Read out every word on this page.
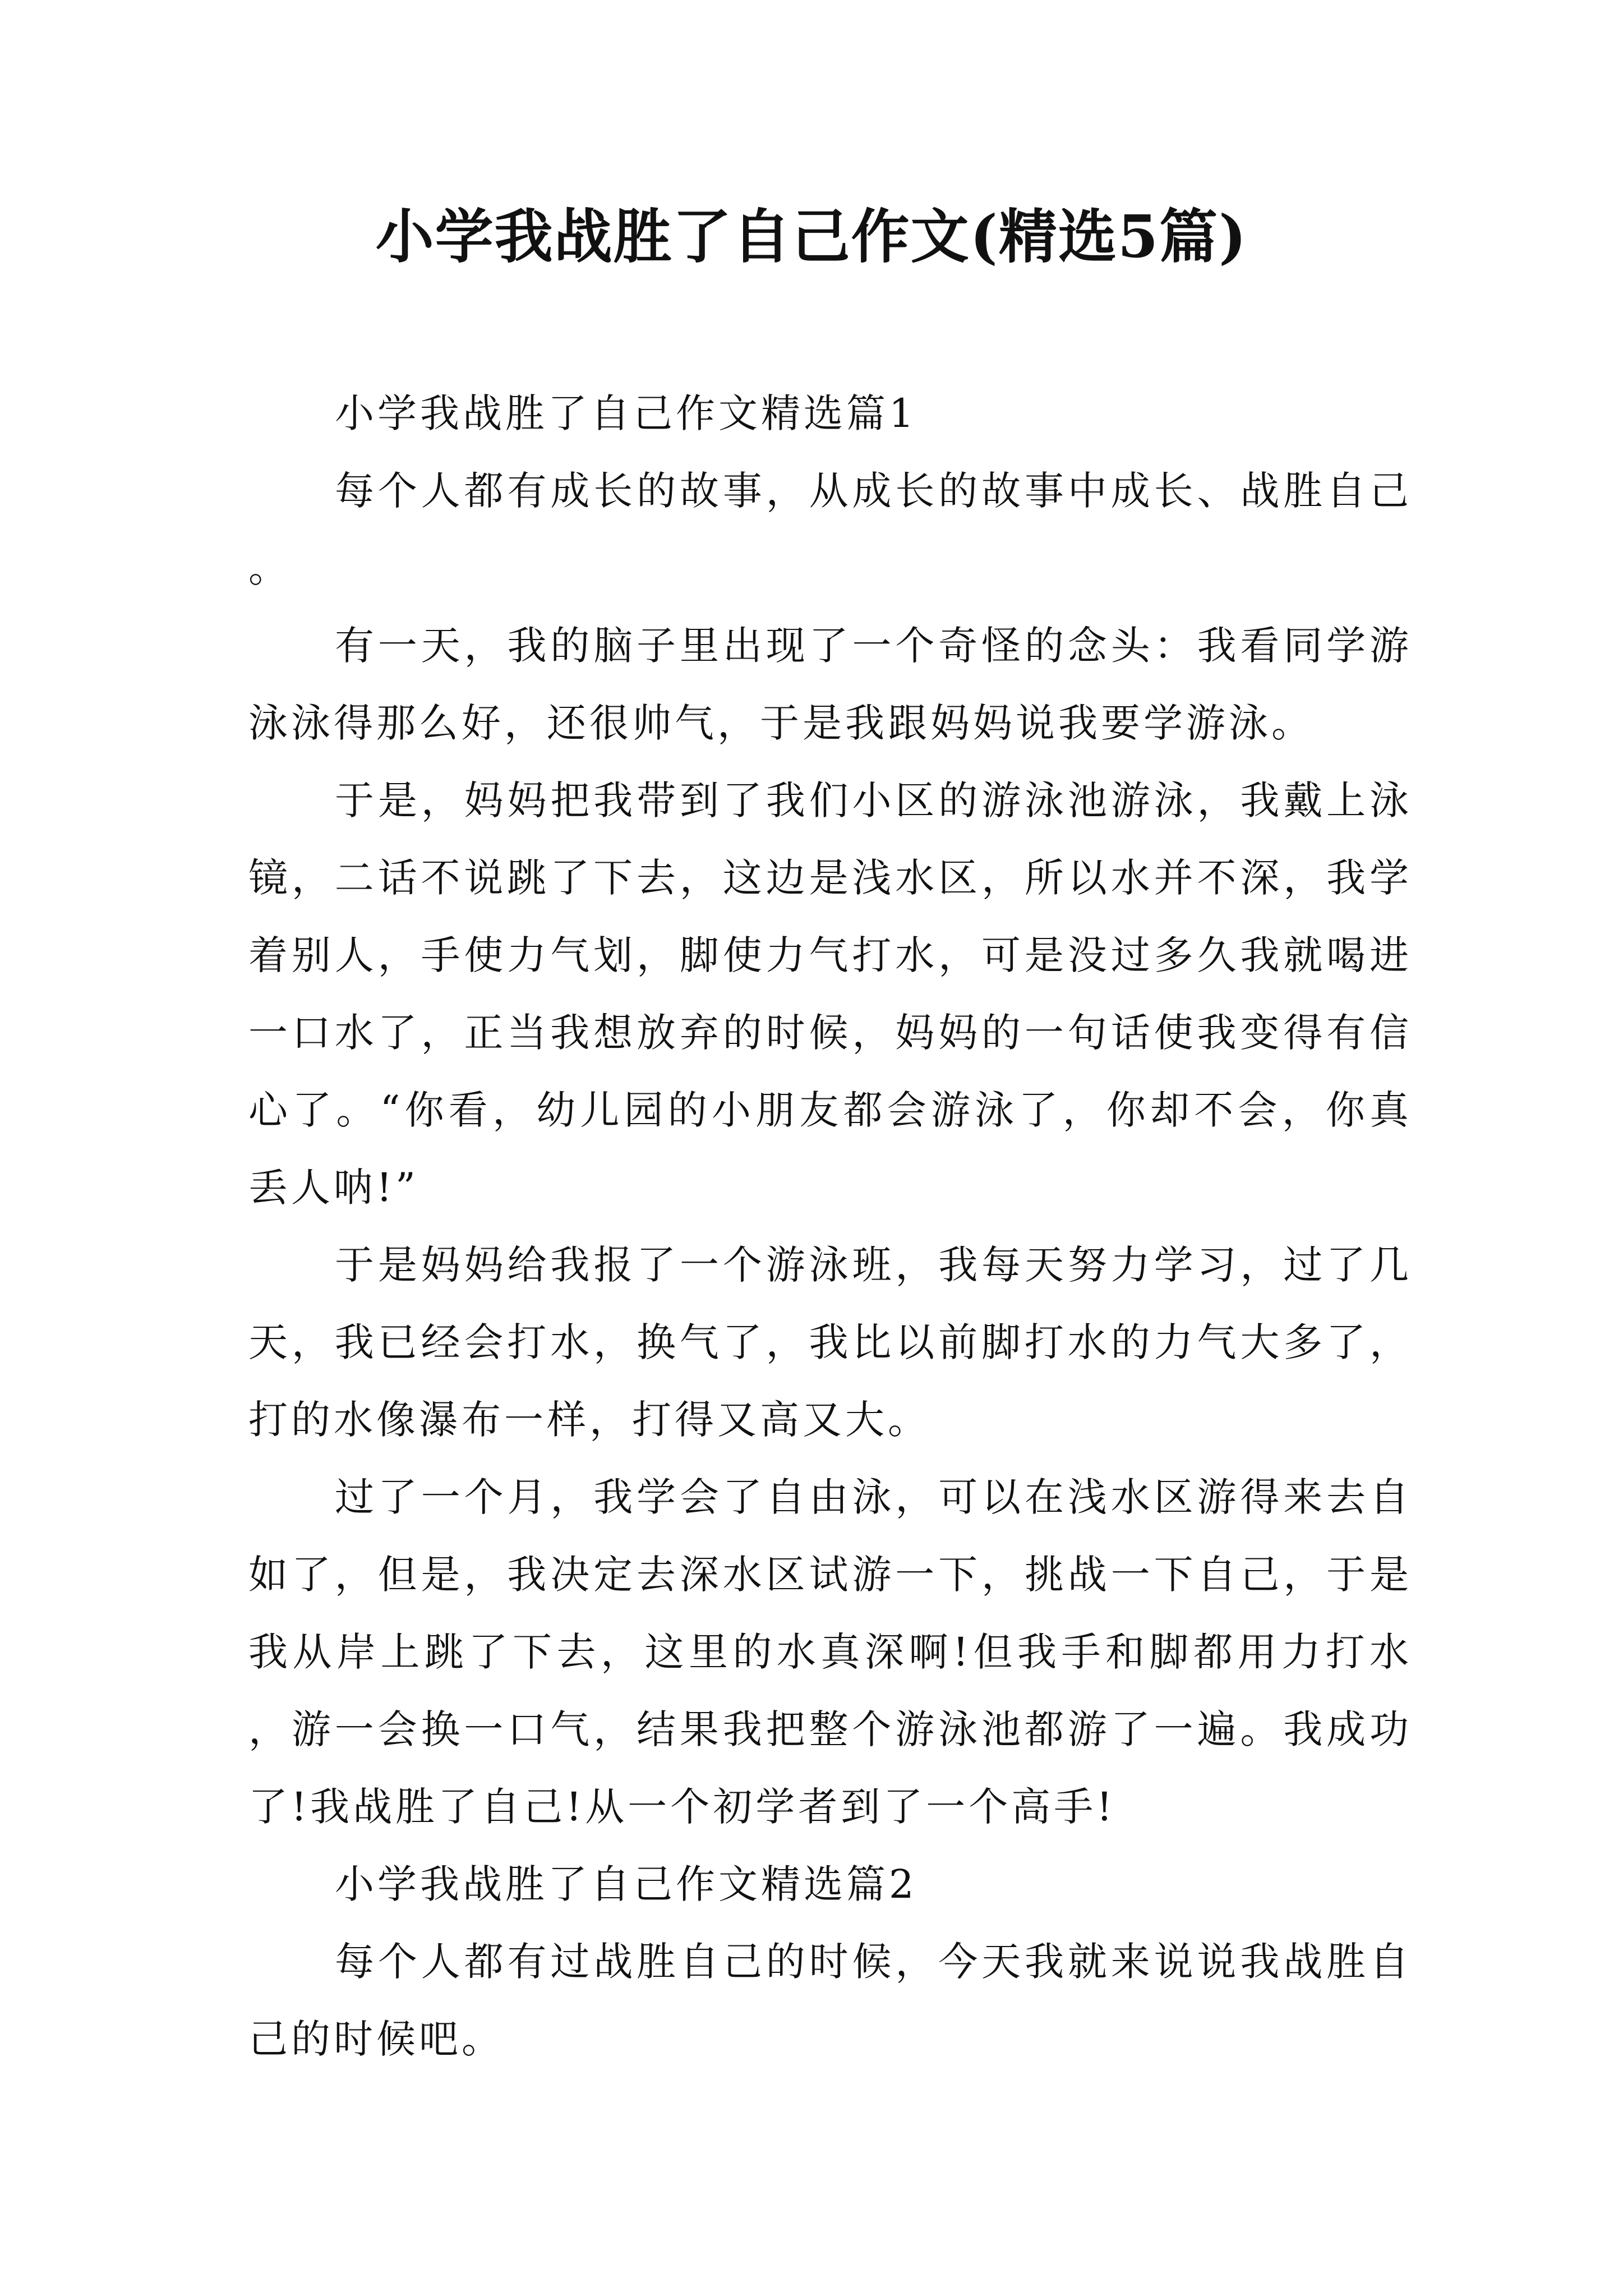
小学我战胜了自己作文(精选5篇)

小学我战胜了自己作文精选篇1

每个人都有成长的故事，从成长的故事中成长、战胜自己。

有一天，我的脑子里出现了一个奇怪的念头：我看同学游泳泳得那么好，还很帅气，于是我跟妈妈说我要学游泳。

于是，妈妈把我带到了我们小区的游泳池游泳，我戴上泳镜，二话不说跳了下去，这边是浅水区，所以水并不深，我学着别人，手使力气划，脚使力气打水，可是没过多久我就喝进一口水了，正当我想放弃的时候，妈妈的一句话使我变得有信心了。“你看，幼儿园的小朋友都会游泳了，你却不会，你真丢人呐!”

于是妈妈给我报了一个游泳班，我每天努力学习，过了几天，我已经会打水，换气了，我比以前脚打水的力气大多了，打的水像瀑布一样，打得又高又大。

过了一个月，我学会了自由泳，可以在浅水区游得来去自如了，但是，我决定去深水区试游一下，挑战一下自己，于是我从岸上跳了下去，这里的水真深啊!但我手和脚都用力打水，游一会换一口气，结果我把整个游泳池都游了一遍。我成功了!我战胜了自己!从一个初学者到了一个高手!

小学我战胜了自己作文精选篇2

每个人都有过战胜自己的时候，今天我就来说说我战胜自己的时候吧。
